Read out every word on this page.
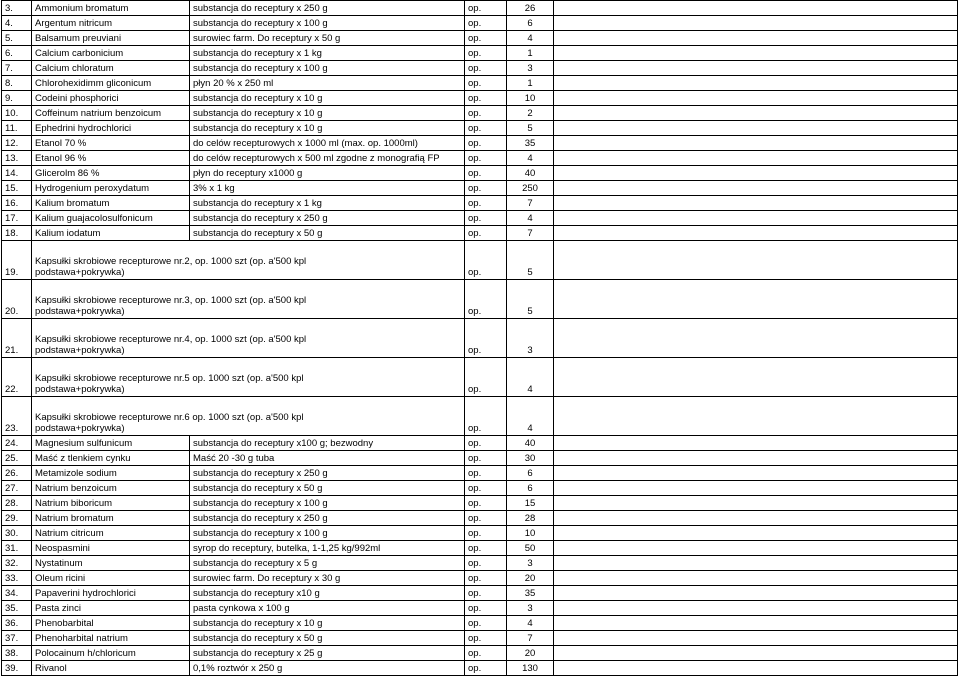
3.	Ammonium bromatum	substancja do receptury x 250 g	op.	26	
4.	Argentum nitricum	substancja do receptury x 100 g	op.	6	
5.	Balsamum preuviani	surowiec farm. Do receptury x 50 g	op.	4	
6.	Calcium carbonicium	substancja do receptury x 1 kg	op.	1	
7.	Calcium chloratum	substancja do receptury x 100 g	op.	3	
8.	Chlorohexidimm gliconicum	płyn 20 % x 250 ml	op.	1	
9.	Codeini phosphorici	substancja do receptury x 10 g	op.	10	
10.	Coffeinum natrium benzoicum	substancja do receptury x 10 g	op.	2	
11.	Ephedrini hydrochlorici	substancja do receptury x 10 g	op.	5	
12.	Etanol 70 %	do celów recepturowych x 1000 ml (max. op. 1000ml)	op.	35	
13.	Etanol 96 %	do celów recepturowych x 500 ml zgodne z monografią FP	op.	4	
14.	Glicerolm 86 %	płyn do receptury x1000 g	op.	40	
15.	Hydrogenium peroxydatum	3% x 1 kg	op.	250	
16.	Kalium bromatum	substancja do receptury x 1 kg	op.	7	
17.	Kalium guajacolosulfonicum	substancja do receptury x 250 g	op.	4	
18.	Kalium iodatum	substancja do receptury x 50 g	op.	7	
19.	Kapsułki skrobiowe recepturowe nr.2, op. 1000 szt (op. a'500 kpl podstawa+pokrywka)		op.	5	
20.	Kapsułki skrobiowe recepturowe nr.3, op. 1000 szt (op. a'500 kpl podstawa+pokrywka)		op.	5	
21.	Kapsułki skrobiowe recepturowe nr.4, op. 1000 szt (op. a'500 kpl podstawa+pokrywka)		op.	3	
22.	Kapsułki skrobiowe recepturowe nr.5 op. 1000 szt (op. a'500 kpl podstawa+pokrywka)		op.	4	
23.	Kapsułki skrobiowe recepturowe nr.6 op. 1000 szt (op. a'500 kpl podstawa+pokrywka)		op.	4	
24.	Magnesium sulfunicum	substancja do receptury x100 g; bezwodny	op.	40	
25.	Maść z tlenkiem cynku	Maść 20 -30 g tuba	op.	30	
26.	Metamizole sodium	substancja do receptury x 250 g	op.	6	
27.	Natrium benzoicum	substancja do receptury x 50 g	op.	6	
28.	Natrium biboricum	substancja do receptury x 100 g	op.	15	
29.	Natrium bromatum	substancja do receptury x 250 g	op.	28	
30.	Natrium citricum	substancja do receptury x 100 g	op.	10	
31.	Neospasmini	syrop do receptury, butelka, 1-1,25 kg/992ml	op.	50	
32.	Nystatinum	substancja do receptury x 5 g	op.	3	
33.	Oleum ricini	surowiec farm. Do receptury x 30 g	op.	20	
34.	Papaverini hydrochlorici	substancja do receptury x10 g	op.	35	
35.	Pasta zinci	pasta cynkowa x 100 g	op.	3	
36.	Phenobarbital	substancja do receptury x 10 g	op.	4	
37.	Phenoharbital natrium	substancja do receptury x 50 g	op.	7	
38.	Polocainum h/chloricum	substancja do receptury x 25 g	op.	20	
39.	Rivanol	0,1% roztwór x 250 g	op.	130	
